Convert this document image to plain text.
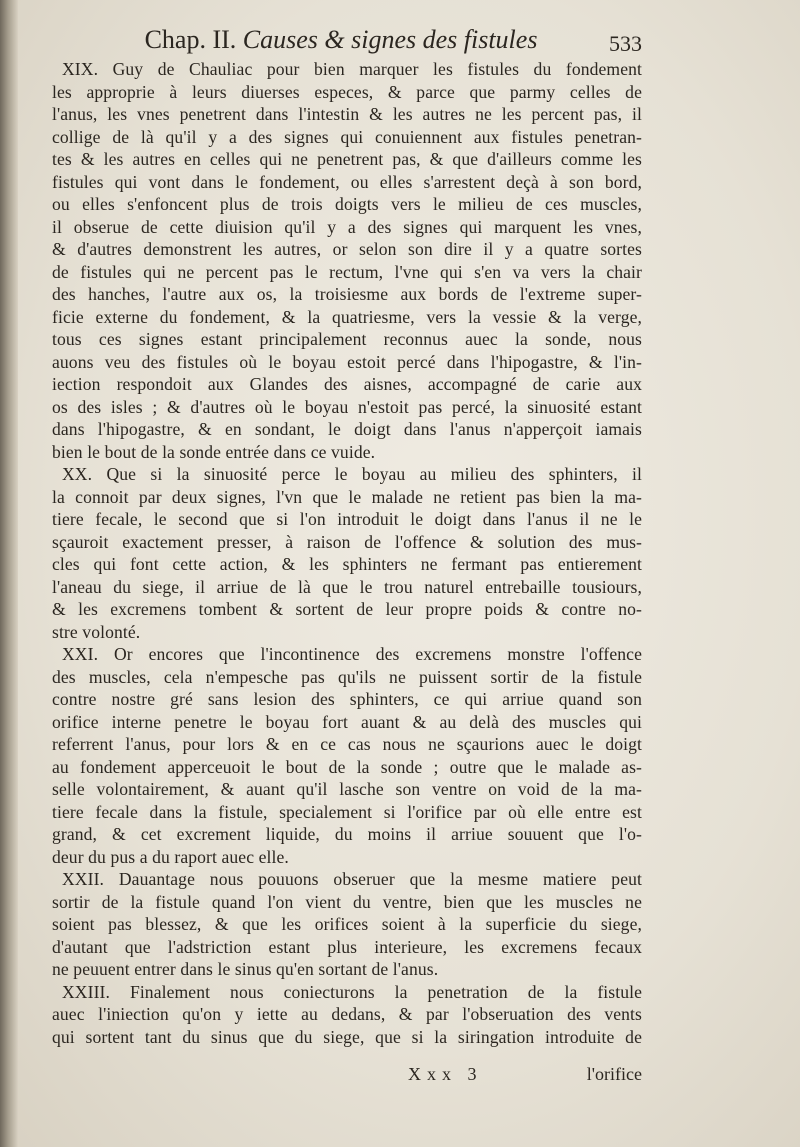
Chap. II. Causes & signes des fistules	533
XIX. Guy de Chauliac pour bien marquer les fistules du fondement
les approprie à leurs diuerses especes, & parce que parmy celles de
l'anus, les vnes penetrent dans l'intestin & les autres ne les percent pas, il
collige de là qu'il y a des signes qui conuiennent aux fistules penetran-
tes & les autres en celles qui ne penetrent pas, & que d'ailleurs comme les
fistules qui vont dans le fondement, ou elles s'arrestent deçà à son bord,
ou elles s'enfoncent plus de trois doigts vers le milieu de ces muscles,
il obserue de cette diuision qu'il y a des signes qui marquent les vnes,
& d'autres demonstrent les autres, or selon son dire il y a quatre sortes
de fistules qui ne percent pas le rectum, l'vne qui s'en va vers la chair
des hanches, l'autre aux os, la troisiesme aux bords de l'extreme super-
ficie externe du fondement, & la quatriesme, vers la vessie & la verge,
tous ces signes estant principalement reconnus auec la sonde, nous
auons veu des fistules où le boyau estoit percé dans l'hipogastre, & l'in-
iection respondoit aux Glandes des aisnes, accompagné de carie aux
os des isles ; & d'autres où le boyau n'estoit pas percé, la sinuosité estant
dans l'hipogastre, & en sondant, le doigt dans l'anus n'apperçoit iamais
bien le bout de la sonde entrée dans ce vuide.
XX. Que si la sinuosité perce le boyau au milieu des sphinters, il
la connoit par deux signes, l'vn que le malade ne retient pas bien la ma-
tiere fecale, le second que si l'on introduit le doigt dans l'anus il ne le
sçauroit exactement presser, à raison de l'offence & solution des mus-
cles qui font cette action, & les sphinters ne fermant pas entierement
l'aneau du siege, il arriue de là que le trou naturel entrebaille tousiours,
& les excremens tombent & sortent de leur propre poids & contre no-
stre volonté.
XXI. Or encores que l'incontinence des excremens monstre l'offence
des muscles, cela n'empesche pas qu'ils ne puissent sortir de la fistule
contre nostre gré sans lesion des sphinters, ce qui arriue quand son
orifice interne penetre le boyau fort auant & au delà des muscles qui
referrent l'anus, pour lors & en ce cas nous ne sçaurions auec le doigt
au fondement apperceuoit le bout de la sonde ; outre que le malade as-
selle volontairement, & auant qu'il lasche son ventre on void de la ma-
tiere fecale dans la fistule, specialement si l'orifice par où elle entre est
grand, & cet excrement liquide, du moins il arriue souuent que l'o-
deur du pus a du raport auec elle.
XXII. Dauantage nous pouuons obseruer que la mesme matiere peut
sortir de la fistule quand l'on vient du ventre, bien que les muscles ne
soient pas blessez, & que les orifices soient à la superficie du siege,
d'autant que l'adstriction estant plus interieure, les excremens fecaux
ne peuuent entrer dans le sinus qu'en sortant de l'anus.
XXIII. Finalement nous coniecturons la penetration de la fistule
auec l'iniection qu'on y iette au dedans, & par l'obseruation des vents
qui sortent tant du sinus que du siege, que si la siringation introduite de
Xxx 3	l'orifice
